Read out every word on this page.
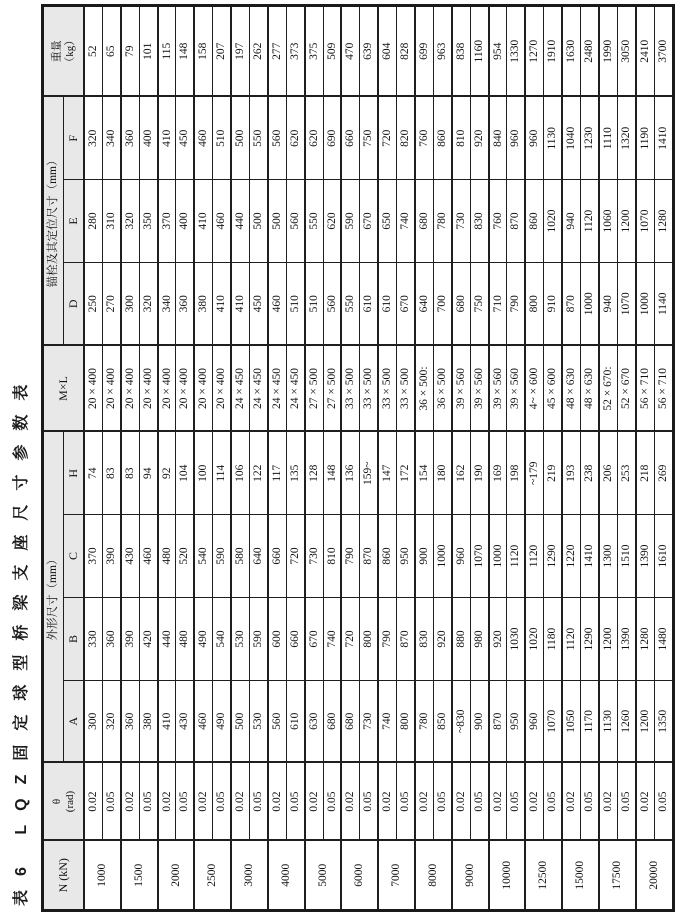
表6 LQZ固定球型桥梁支座尺寸参数表 N (kN)	θ
(rad)	外形尺寸（mm）				M×L	锚栓及其定位尺寸（mm）			重量
（kg）
		A	B	C	H		D	E	F	
1000	0.02	300	330	370	74	20 × 400	250	280	320	52
	0.05	320	360	390	83	20 × 400	270	310	340	65
1500	0.02	360	390	430	83	20 × 400	300	320	360	79
	0.05	380	420	460	94	20 × 400	320	350	400	101
2000	0.02	410	440	480	92	20 × 400	340	370	410	115
	0.05	430	480	520	104	20 × 400	360	400	450	148
2500	0.02	460	490	540	100	20 × 400	380	410	460	158
	0.05	490	540	590	114	20 × 400	410	460	510	207
3000	0.02	500	530	580	106	24 × 450	410	440	500	197
	0.05	530	590	640	122	24 × 450	450	500	550	262
4000	0.02	560	600	660	117	24 × 450	460	500	560	277
	0.05	610	660	720	135	24 × 450	510	560	620	373
5000	0.02	630	670	730	128	27 × 500	510	550	620	375
	0.05	680	740	810	148	27 × 500	560	620	690	509
6000	0.02	680	720	790	136	33 × 500	550	590	660	470
	0.05	730	800	870	159~	33 × 500	610	670	750	639
7000	0.02	740	790	860	147	33 × 500	610	650	720	604
	0.05	800	870	950	172	33 × 500	670	740	820	828
8000	0.02	780	830	900	154	36 × 500:	640	680	760	699
	0.05	850	920	1000	180	36 × 500	700	780	860	963
9000	0.02	~830	880	960	162	39 × 560	680	730	810	838
	0.05	900	980	1070	190	39 × 560	750	830	920	1160
10000	0.02	870	920	1000	169	39 × 560	710	760	840	954
	0.05	950	1030	1120	198	39 × 560	790	870	960	1330
12500	0.02	960	1020	1120	~179	4~ × 600	800	860	960	1270
	0.05	1070	1180	1290	219	45 × 600	910	1020	1130	1910
15000	0.02	1050	1120	1220	193	48 × 630	870	940	1040	1630
	0.05	1170	1290	1410	238	48 × 630	1000	1120	1230	2480
17500	0.02	1130	1200	1300	206	52 × 670:	940	1060	1110	1990
	0.05	1260	1390	1510	253	52 × 670	1070	1200	1320	3050
20000	0.02	1200	1280	1390	218	56 × 710	1000	1070	1190	2410
	0.05	1350	1480	1610	269	56 × 710	1140	1280	1410	3700
